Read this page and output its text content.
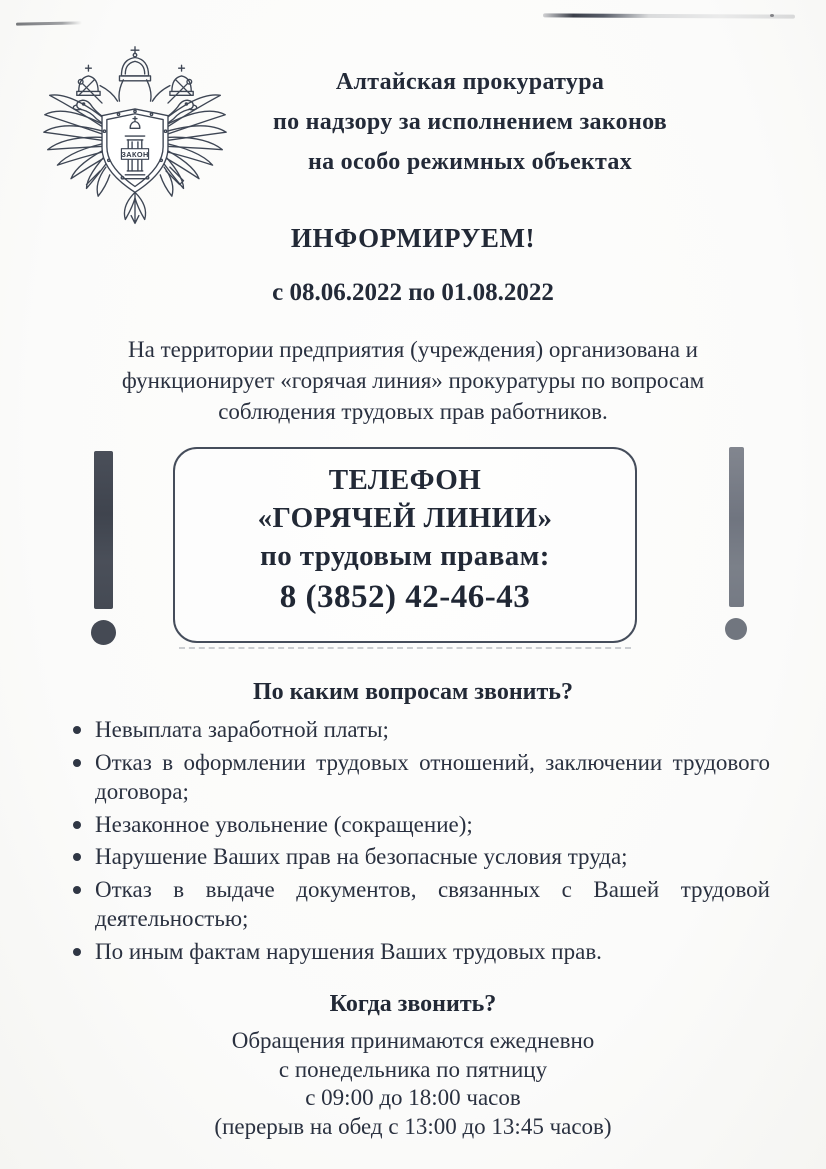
ЗАКОН
Алтайская прокуратура
по надзору за исполнением законов
на особо режимных объектах
ИНФОРМИРУЕМ!
с 08.06.2022 по 01.08.2022
На территории предприятия (учреждения) организована и
функционирует «горячая линия» прокуратуры по вопросам
соблюдения трудовых прав работников.
ТЕЛЕФОН
«ГОРЯЧЕЙ ЛИНИИ»
по трудовым правам:
8 (3852) 42-46-43
По каким вопросам звонить?
Невыплата заработной платы;
Отказ в оформлении трудовых отношений, заключении трудового договора;
Незаконное увольнение (сокращение);
Нарушение Ваших прав на безопасные условия труда;
Отказ в выдаче документов, связанных с Вашей трудовой деятельностью;
По иным фактам нарушения Ваших трудовых прав.
Когда звонить?
Обращения принимаются ежедневно
с понедельника по пятницу
с 09:00 до 18:00 часов
(перерыв на обед с 13:00 до 13:45 часов)
